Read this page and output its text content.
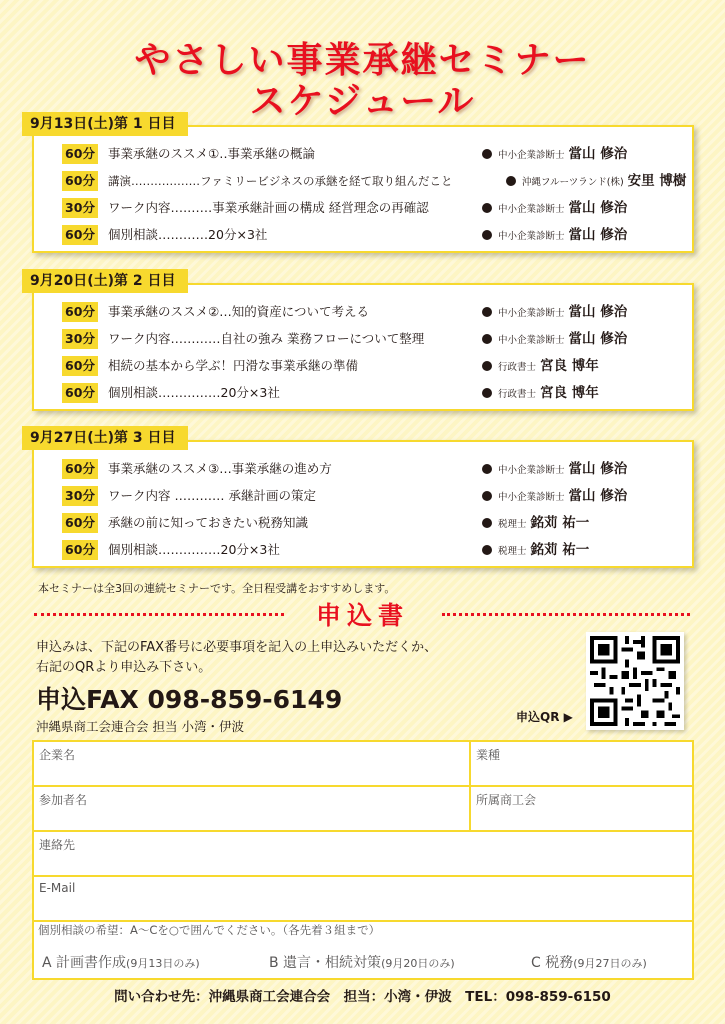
やさしい事業承継セミナー
スケジュール
60分 事業承継のススメ①‥事業承継の概論	中小企業診断士 當山 修治
60分 講演‥‥‥‥‥‥‥‥‥ファミリービジネスの承継を経て取り組んだこと	沖縄フルーツランド(株) 安里 博樹
30分 ワーク内容‥‥‥‥‥事業承継計画の構成 経営理念の再確認	中小企業診断士 當山 修治
60分 個別相談‥‥‥‥‥‥20分×3社	中小企業診断士 當山 修治
9月13日(土)第 1 日目
60分 事業承継のススメ②…知的資産について考える	中小企業診断士 當山 修治
30分 ワーク内容…………自社の強み 業務フローについて整理	中小企業診断士 當山 修治
60分 相続の基本から学ぶ！円滑な事業承継の準備	行政書士 宮良 博年
60分 個別相談……………20分×3社	行政書士 宮良 博年
9月20日(土)第 2 日目
60分 事業承継のススメ③…事業承継の進め方	中小企業診断士 當山 修治
30分 ワーク内容 ………… 承継計画の策定	中小企業診断士 當山 修治
60分 承継の前に知っておきたい税務知識	税理士 銘苅 祐一
60分 個別相談……………20分×3社	税理士 銘苅 祐一
9月27日(土)第 3 日目
本セミナーは全3回の連続セミナーです。全日程受講をおすすめします。
申込書
申込みは、下記のFAX番号に必要事項を記入の上申込みいただくか、
右記のQRより申込み下さい。
申込FAX 098-859-6149
沖縄県商工会連合会 担当 小湾・伊波
申込QR ▶
企業名	業種
参加者名	所属商工会
連絡先
E-Mail
個別相談の希望：A〜Cを○で囲んでください。（各先着３組まで）
A 計画書作成(9月13日のみ)	B 遺言・相続対策(9月20日のみ)	C 税務(9月27日のみ)
問い合わせ先：沖縄県商工会連合会　担当：小湾・伊波　TEL：098-859-6150
